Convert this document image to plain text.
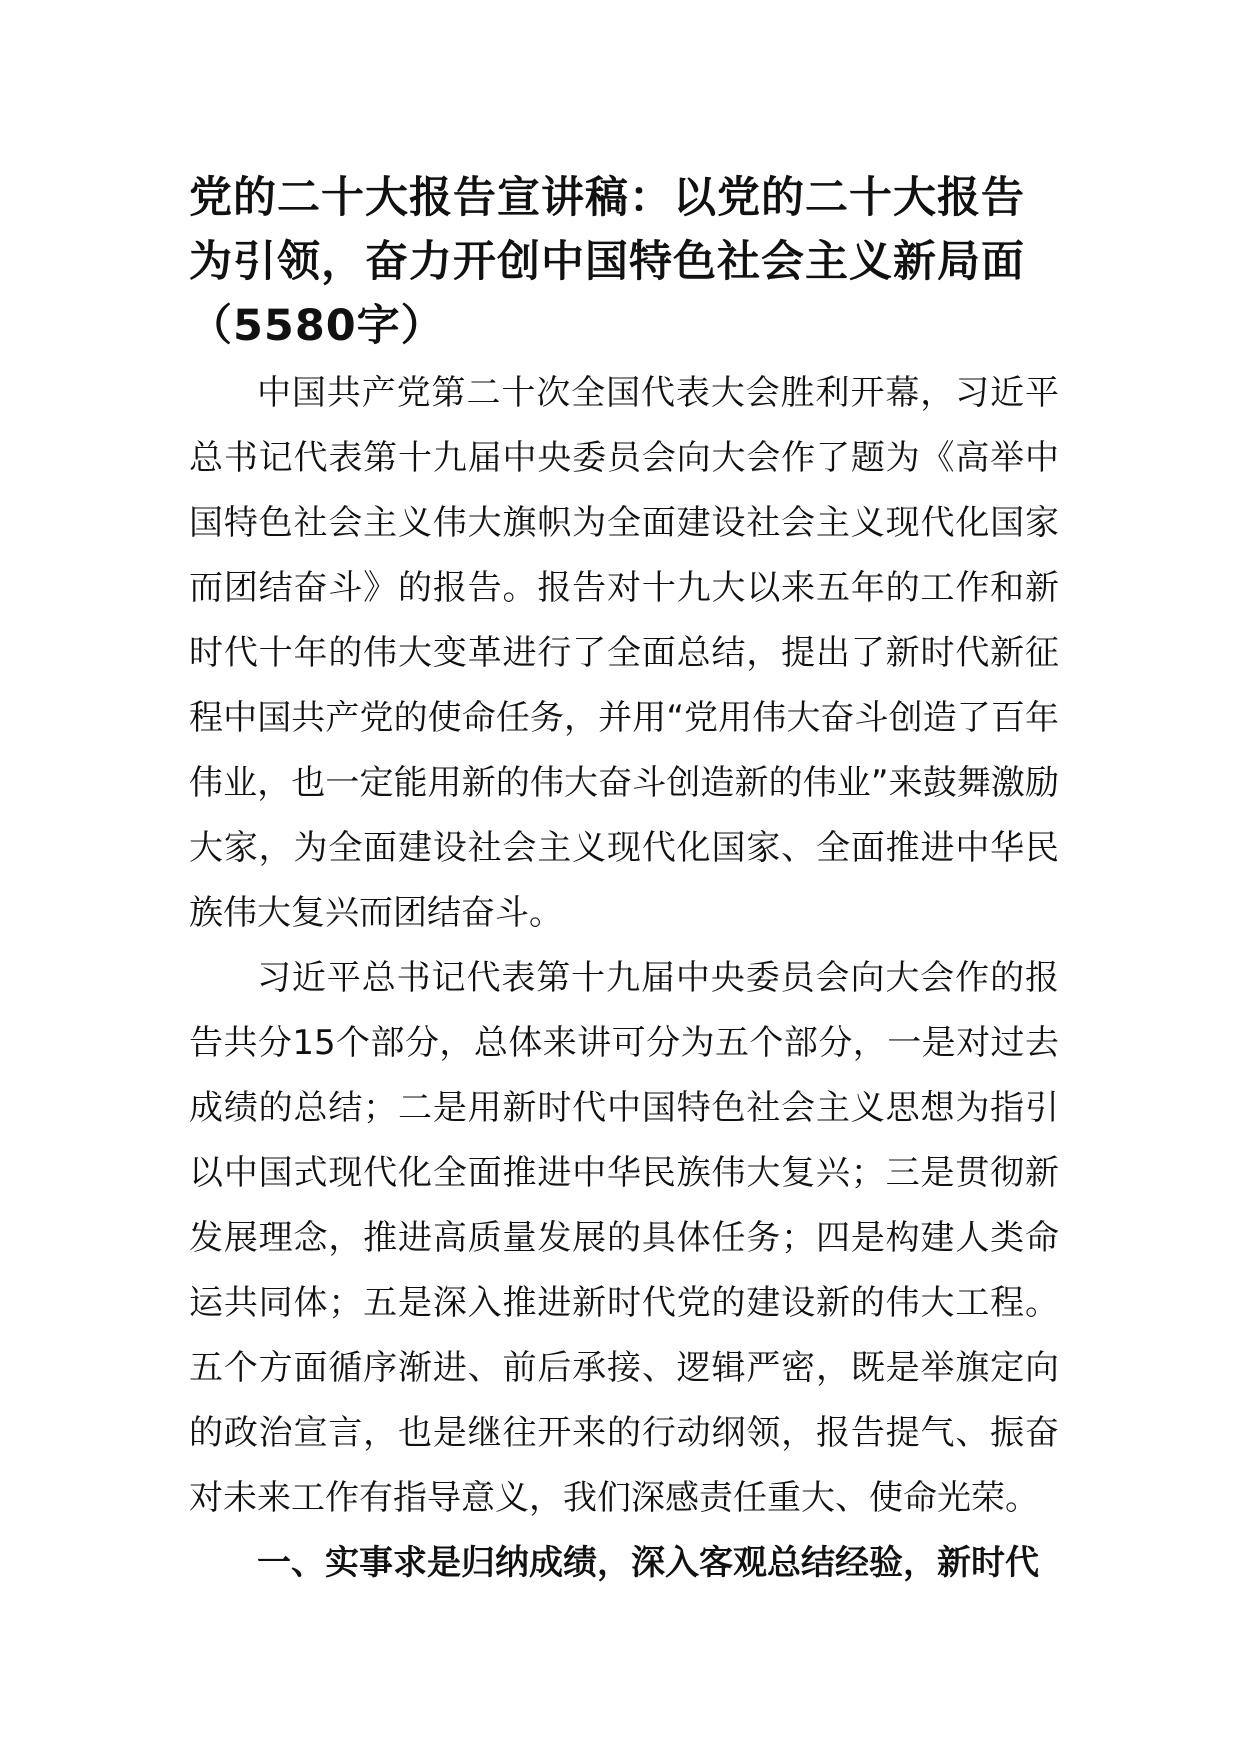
党的二十大报告宣讲稿：以党的二十大报告为引领，奋力开创中国特色社会主义新局面（5580字）

中国共产党第二十次全国代表大会胜利开幕，习近平总书记代表第十九届中央委员会向大会作了题为《高举中国特色社会主义伟大旗帜为全面建设社会主义现代化国家而团结奋斗》的报告。报告对十九大以来五年的工作和新时代十年的伟大变革进行了全面总结，提出了新时代新征程中国共产党的使命任务，并用“党用伟大奋斗创造了百年伟业，也一定能用新的伟大奋斗创造新的伟业”来鼓舞激励大家，为全面建设社会主义现代化国家、全面推进中华民族伟大复兴而团结奋斗。

习近平总书记代表第十九届中央委员会向大会作的报告共分15个部分，总体来讲可分为五个部分，一是对过去成绩的总结；二是用新时代中国特色社会主义思想为指引以中国式现代化全面推进中华民族伟大复兴；三是贯彻新发展理念，推进高质量发展的具体任务；四是构建人类命运共同体；五是深入推进新时代党的建设新的伟大工程。五个方面循序渐进、前后承接、逻辑严密，既是举旗定向的政治宣言，也是继往开来的行动纲领，报告提气、振奋对未来工作有指导意义，我们深感责任重大、使命光荣。

一、实事求是归纳成绩，深入客观总结经验，新时代
